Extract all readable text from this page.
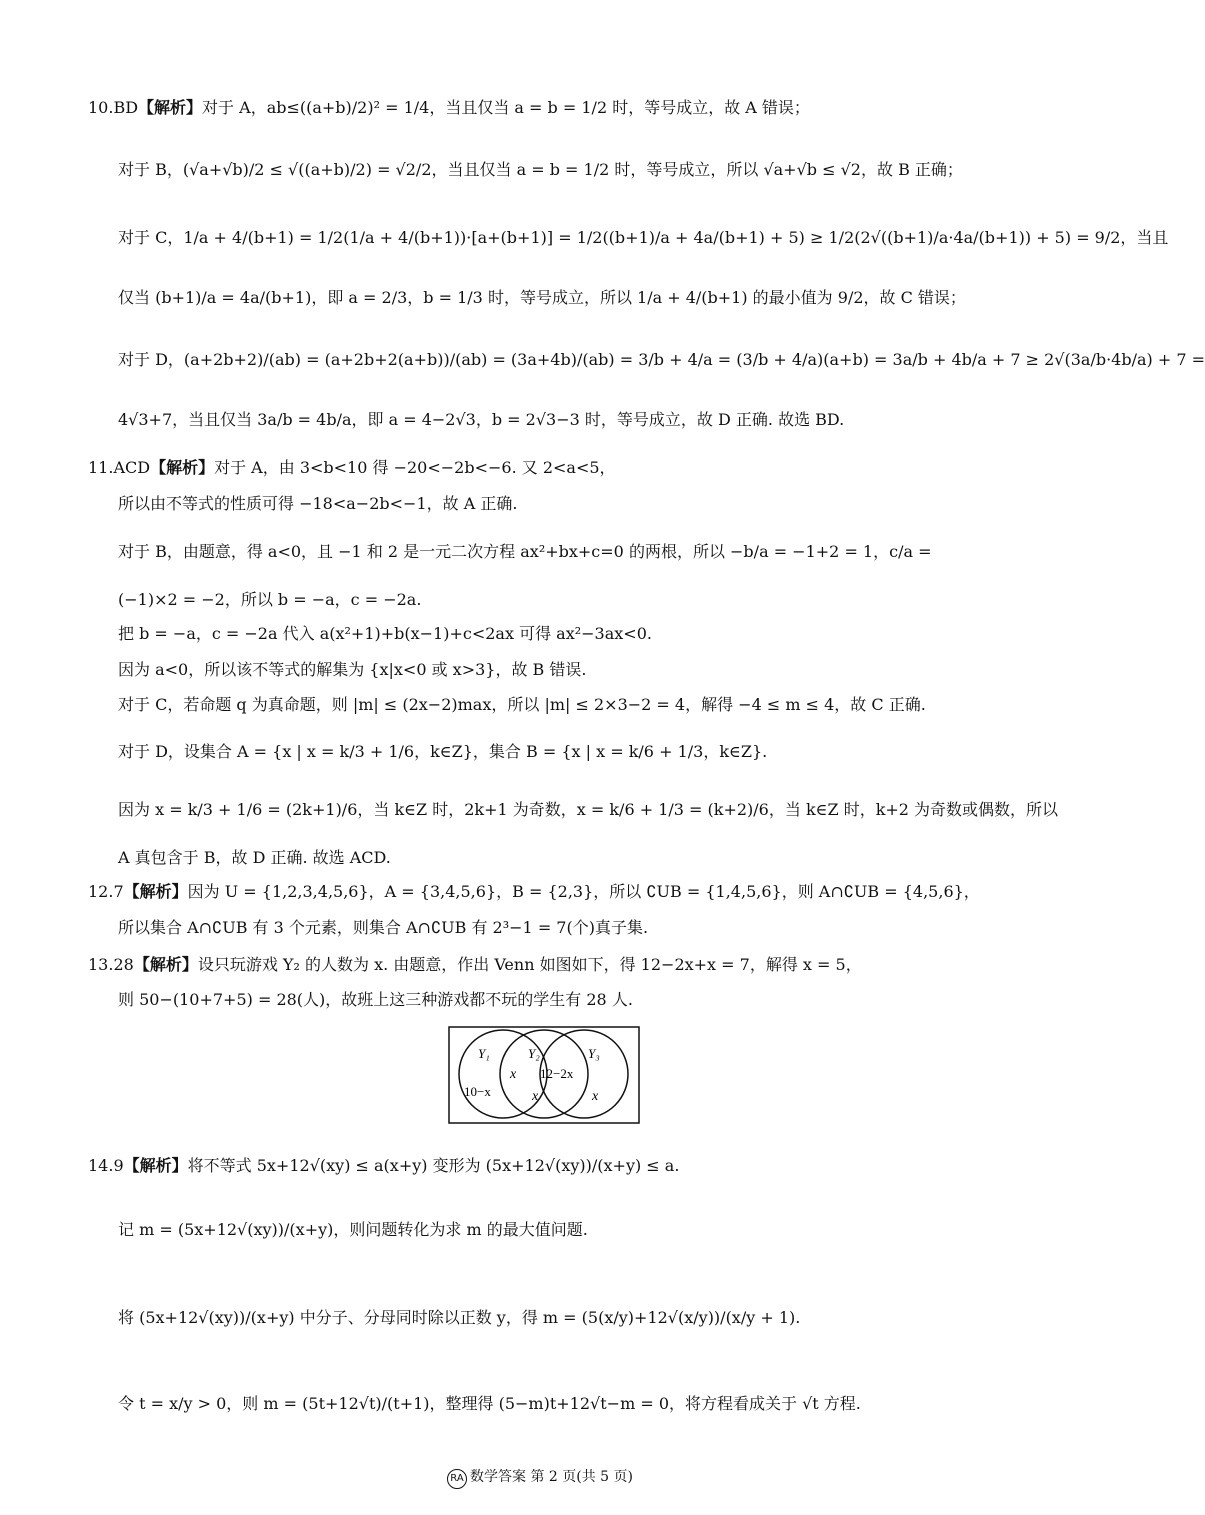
10.BD【解析】对于 A，ab≤((a+b)/2)² = 1/4，当且仅当 a = b = 1/2 时，等号成立，故 A 错误；
对于 B，(√a+√b)/2 ≤ √((a+b)/2) = √2/2，当且仅当 a = b = 1/2 时，等号成立，所以 √a+√b ≤ √2，故 B 正确；
对于 C，1/a + 4/(b+1) = 1/2(1/a + 4/(b+1))·[a+(b+1)] = 1/2((b+1)/a + 4a/(b+1) + 5) ≥ 1/2(2√((b+1)/a·4a/(b+1)) + 5) = 9/2，当且
仅当 (b+1)/a = 4a/(b+1)，即 a = 2/3，b = 1/3 时，等号成立，所以 1/a + 4/(b+1) 的最小值为 9/2，故 C 错误；
对于 D，(a+2b+2)/(ab) = (a+2b+2(a+b))/(ab) = (3a+4b)/(ab) = 3/b + 4/a = (3/b + 4/a)(a+b) = 3a/b + 4b/a + 7 ≥ 2√(3a/b·4b/a) + 7 =
4√3+7，当且仅当 3a/b = 4b/a，即 a = 4−2√3，b = 2√3−3 时，等号成立，故 D 正确. 故选 BD.
11.ACD【解析】对于 A，由 3<b<10 得 −20<−2b<−6. 又 2<a<5，
所以由不等式的性质可得 −18<a−2b<−1，故 A 正确.
对于 B，由题意，得 a<0，且 −1 和 2 是一元二次方程 ax²+bx+c=0 的两根，所以 −b/a = −1+2 = 1，c/a =
(−1)×2 = −2，所以 b = −a，c = −2a.
把 b = −a，c = −2a 代入 a(x²+1)+b(x−1)+c<2ax 可得 ax²−3ax<0.
因为 a<0，所以该不等式的解集为 {x|x<0 或 x>3}，故 B 错误.
对于 C，若命题 q 为真命题，则 |m| ≤ (2x−2)max，所以 |m| ≤ 2×3−2 = 4，解得 −4 ≤ m ≤ 4，故 C 正确.
对于 D，设集合 A = {x | x = k/3 + 1/6，k∈Z}，集合 B = {x | x = k/6 + 1/3，k∈Z}.
因为 x = k/3 + 1/6 = (2k+1)/6，当 k∈Z 时，2k+1 为奇数，x = k/6 + 1/3 = (k+2)/6，当 k∈Z 时，k+2 为奇数或偶数，所以
A 真包含于 B，故 D 正确. 故选 ACD.
12.7【解析】因为 U = {1,2,3,4,5,6}，A = {3,4,5,6}，B = {2,3}，所以 ∁UB = {1,4,5,6}，则 A∩∁UB = {4,5,6}，
所以集合 A∩∁UB 有 3 个元素，则集合 A∩∁UB 有 2³−1 = 7(个)真子集.
13.28【解析】设只玩游戏 Y₂ 的人数为 x. 由题意，作出 Venn 如图如下，得 12−2x+x = 7，解得 x = 5，
则 50−(10+7+5) = 28(人)，故班上这三种游戏都不玩的学生有 28 人.
14.9【解析】将不等式 5x+12√(xy) ≤ a(x+y) 变形为 (5x+12√(xy))/(x+y) ≤ a.
记 m = (5x+12√(xy))/(x+y)，则问题转化为求 m 的最大值问题.
将 (5x+12√(xy))/(x+y) 中分子、分母同时除以正数 y，得 m = (5(x/y)+12√(x/y))/(x/y + 1).
令 t = x/y > 0，则 m = (5t+12√t)/(t+1)，整理得 (5−m)t+12√t−m = 0，将方程看成关于 √t 方程.
Y₁	Y₂	Y₃
x 12−2x
x
10−x	x
RA 数学答案 第 2 页(共 5 页)
